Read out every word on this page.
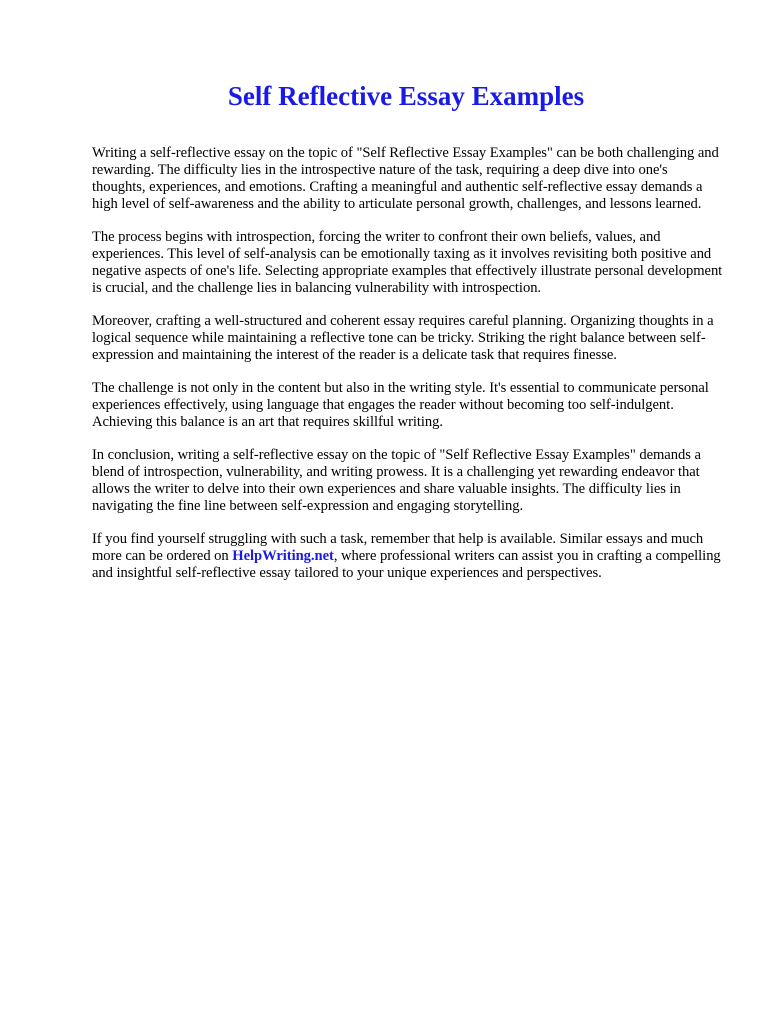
Self Reflective Essay Examples

Writing a self-reflective essay on the topic of "Self Reflective Essay Examples" can be both challenging and rewarding. The difficulty lies in the introspective nature of the task, requiring a deep dive into one's thoughts, experiences, and emotions. Crafting a meaningful and authentic self-reflective essay demands a high level of self-awareness and the ability to articulate personal growth, challenges, and lessons learned.

The process begins with introspection, forcing the writer to confront their own beliefs, values, and experiences. This level of self-analysis can be emotionally taxing as it involves revisiting both positive and negative aspects of one's life. Selecting appropriate examples that effectively illustrate personal development is crucial, and the challenge lies in balancing vulnerability with introspection.

Moreover, crafting a well-structured and coherent essay requires careful planning. Organizing thoughts in a logical sequence while maintaining a reflective tone can be tricky. Striking the right balance between self-expression and maintaining the interest of the reader is a delicate task that requires finesse.

The challenge is not only in the content but also in the writing style. It's essential to communicate personal experiences effectively, using language that engages the reader without becoming too self-indulgent. Achieving this balance is an art that requires skillful writing.

In conclusion, writing a self-reflective essay on the topic of "Self Reflective Essay Examples" demands a blend of introspection, vulnerability, and writing prowess. It is a challenging yet rewarding endeavor that allows the writer to delve into their own experiences and share valuable insights. The difficulty lies in navigating the fine line between self-expression and engaging storytelling.

If you find yourself struggling with such a task, remember that help is available. Similar essays and much more can be ordered on HelpWriting.net, where professional writers can assist you in crafting a compelling and insightful self-reflective essay tailored to your unique experiences and perspectives.
